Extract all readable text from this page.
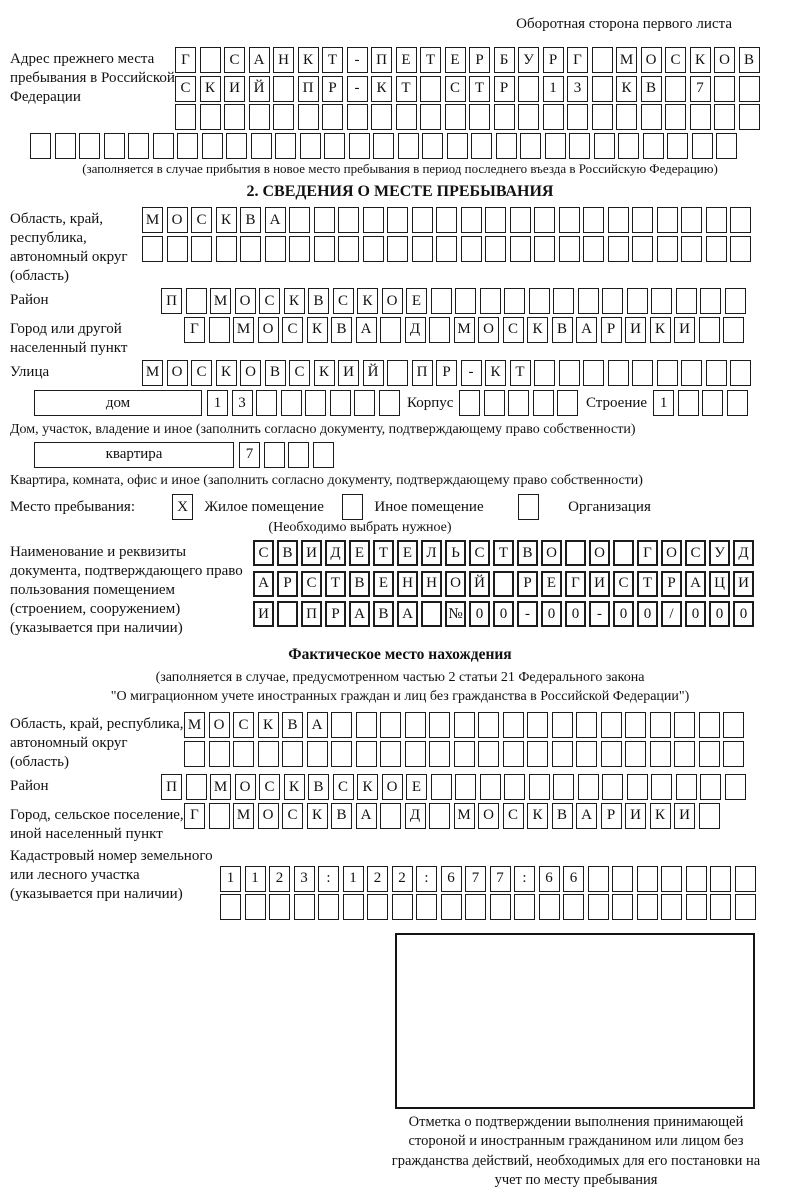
Оборотная сторона первого листа
Адрес прежнего места пребывания в Российской Федерации
Г	С А Н К Т	-	П Е	Т	Е	Р	Б У	Р	Г	М О С К О В
С К И Й	П Р	-	К Т	С Т	Р	1	3	К В	7
(заполняется в случае прибытия в новое место пребывания в период последнего въезда в Российскую Федерацию)
2. СВЕДЕНИЯ О МЕСТЕ ПРЕБЫВАНИЯ
Область, край, республика, автономный округ (область)
М О С К В А
Район	П	М О С К В С К О Е
Город или другой населенный пункт
Г	М О С К В А	Д	М О С К В А Р И К И
Улица	М О С К О В С К И Й	П Р	-	К Т
дом	1	3	Корпус	Строение 1
Дом, участок, владение и иное (заполнить согласно документу, подтверждающему право собственности)
квартира	7
Квартира, комната, офис и иное (заполнить согласно документу, подтверждающему право собственности)
Место пребывания:	X	Жилое помещение	Иное помещение	Организация
(Необходимо выбрать нужное)
Наименование и реквизиты документа, подтверждающего право пользования помещением (строением, сооружением) (указывается при наличии)
С В И Д Е Т Е Л Ь С Т В О	О	Г О С У Д
А Р С Т В Е Н Н О Й	Р	Е	Г И С Т	Р А Ц И
И	П Р А В А	№ 0	0	-	0	0	-	0	0	/	0	0	0
Фактическое место нахождения
(заполняется в случае, предусмотренном частью 2 статьи 21 Федерального закона
"О миграционном учете иностранных граждан и лиц без гражданства в Российской Федерации")
Область, край, республика, автономный округ (область)
М О С К В А
Район	П	М О С К В С К О Е
Город, сельское поселение, иной населенный пункт
Г	М О С К В А	Д	М О С К В А Р И К И
Кадастровый номер земельного или лесного участка (указывается при наличии)
1	1	2	3	:	1	2	2	:	6	7	7	:	6	6
Отметка о подтверждении выполнения принимающей стороной и иностранным гражданином или лицом без гражданства действий, необходимых для его постановки на учет по месту пребывания
